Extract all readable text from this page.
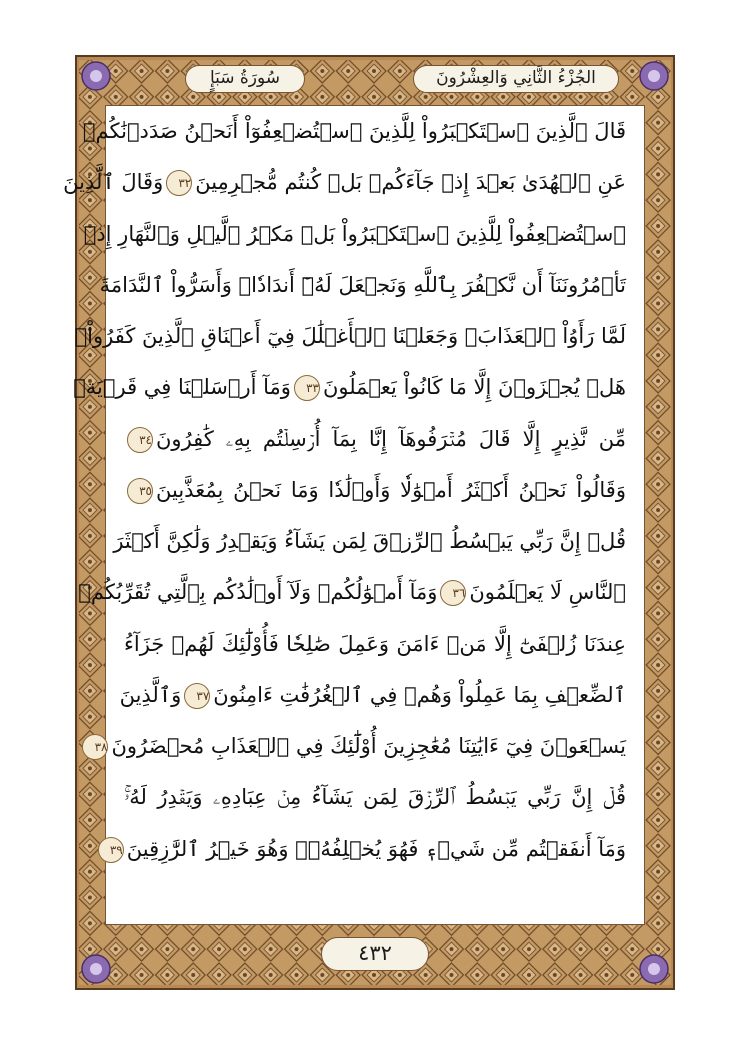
الجُزْءُ الثَّانِي وَالعِشْرُونَ
سُورَةُ سَبَإٍ
قَالَ ٱلَّذِينَ ٱسۡتَكۡبَرُواْ لِلَّذِينَ ٱسۡتُضۡعِفُوٓاْ أَنَحۡنُ صَدَدۡنَٰكُمۡ
عَنِ ٱلۡهُدَىٰ بَعۡدَ إِذۡ جَآءَكُمۖ بَلۡ كُنتُم مُّجۡرِمِينَ٣٢وَقَالَ ٱلَّذِينَ
ٱسۡتُضۡعِفُواْ لِلَّذِينَ ٱسۡتَكۡبَرُواْ بَلۡ مَكۡرُ ٱلَّيۡلِ وَٱلنَّهَارِ إِذۡ
تَأۡمُرُونَنَآ أَن نَّكۡفُرَ بِٱللَّهِ وَنَجۡعَلَ لَهُۥٓ أَندَادٗاۚ وَأَسَرُّواْ ٱلنَّدَامَةَ
لَمَّا رَأَوُاْ ٱلۡعَذَابَۚ وَجَعَلۡنَا ٱلۡأَغۡلَٰلَ فِيٓ أَعۡنَاقِ ٱلَّذِينَ كَفَرُواْۚ
هَلۡ يُجۡزَوۡنَ إِلَّا مَا كَانُواْ يَعۡمَلُونَ٣٣وَمَآ أَرۡسَلۡنَا فِي قَرۡيَةٖ
مِّن نَّذِيرٍ إِلَّا قَالَ مُتۡرَفُوهَآ إِنَّا بِمَآ أُرۡسِلۡتُم بِهِۦ كَٰفِرُونَ٣٤
وَقَالُواْ نَحۡنُ أَكۡثَرُ أَمۡوَٰلٗا وَأَوۡلَٰدٗا وَمَا نَحۡنُ بِمُعَذَّبِينَ٣٥
قُلۡ إِنَّ رَبِّي يَبۡسُطُ ٱلرِّزۡقَ لِمَن يَشَآءُ وَيَقۡدِرُ وَلَٰكِنَّ أَكۡثَرَ
ٱلنَّاسِ لَا يَعۡلَمُونَ٣٦وَمَآ أَمۡوَٰلُكُمۡ وَلَآ أَوۡلَٰدُكُم بِٱلَّتِي تُقَرِّبُكُمۡ
عِندَنَا زُلۡفَىٰٓ إِلَّا مَنۡ ءَامَنَ وَعَمِلَ صَٰلِحٗا فَأُوْلَٰٓئِكَ لَهُمۡ جَزَآءُ
ٱلضِّعۡفِ بِمَا عَمِلُواْ وَهُمۡ فِي ٱلۡغُرُفَٰتِ ءَامِنُونَ٣٧وَٱلَّذِينَ
يَسۡعَوۡنَ فِيٓ ءَايَٰتِنَا مُعَٰجِزِينَ أُوْلَٰٓئِكَ فِي ٱلۡعَذَابِ مُحۡضَرُونَ٣٨
قُلۡ إِنَّ رَبِّي يَبۡسُطُ ٱلرِّزۡقَ لِمَن يَشَآءُ مِنۡ عِبَادِهِۦ وَيَقۡدِرُ لَهُۥۚ
وَمَآ أَنفَقۡتُم مِّن شَيۡءٖ فَهُوَ يُخۡلِفُهُۥۖ وَهُوَ خَيۡرُ ٱلرَّٰزِقِينَ٣٩
٤٣٢
